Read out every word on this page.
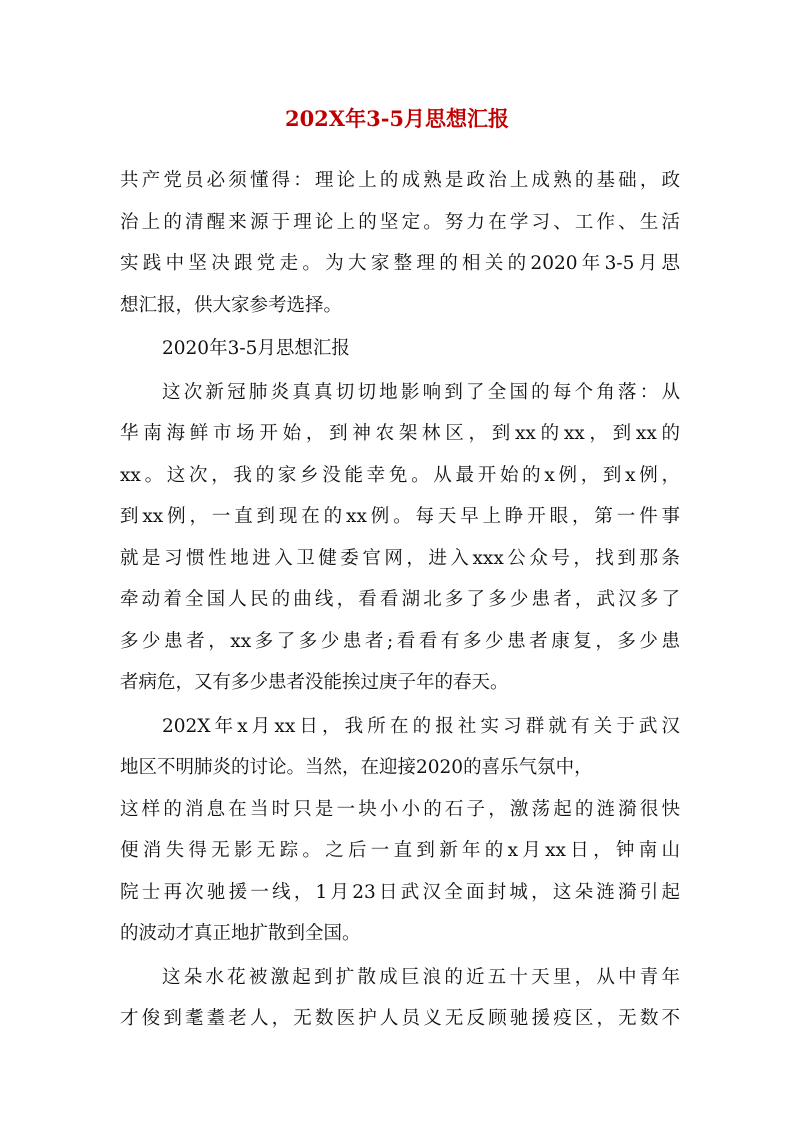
202X年3-5月思想汇报

共产党员必须懂得：理论上的成熟是政治上成熟的基础，政
治上的清醒来源于理论上的坚定。努力在学习、工作、生活
实践中坚决跟党走。为大家整理的相关的2020年3-5月思
想汇报，供大家参考选择。

2020年3-5月思想汇报

这次新冠肺炎真真切切地影响到了全国的每个角落：从
华南海鲜市场开始，到神农架林区，到xx的xx，到xx的
xx。这次，我的家乡没能幸免。从最开始的x例，到x例，
到xx例，一直到现在的xx例。每天早上睁开眼，第一件事
就是习惯性地进入卫健委官网，进入xxx公众号，找到那条
牵动着全国人民的曲线，看看湖北多了多少患者，武汉多了
多少患者，xx多了多少患者;看看有多少患者康复，多少患
者病危，又有多少患者没能挨过庚子年的春天。

202X年x月xx日，我所在的报社实习群就有关于武汉
地区不明肺炎的讨论。当然，在迎接2020的喜乐气氛中，
这样的消息在当时只是一块小小的石子，激荡起的涟漪很快
便消失得无影无踪。之后一直到新年的x月xx日，钟南山
院士再次驰援一线，1月23日武汉全面封城，这朵涟漪引起
的波动才真正地扩散到全国。

这朵水花被激起到扩散成巨浪的近五十天里，从中青年
才俊到耄耋老人，无数医护人员义无反顾驰援疫区，无数不
